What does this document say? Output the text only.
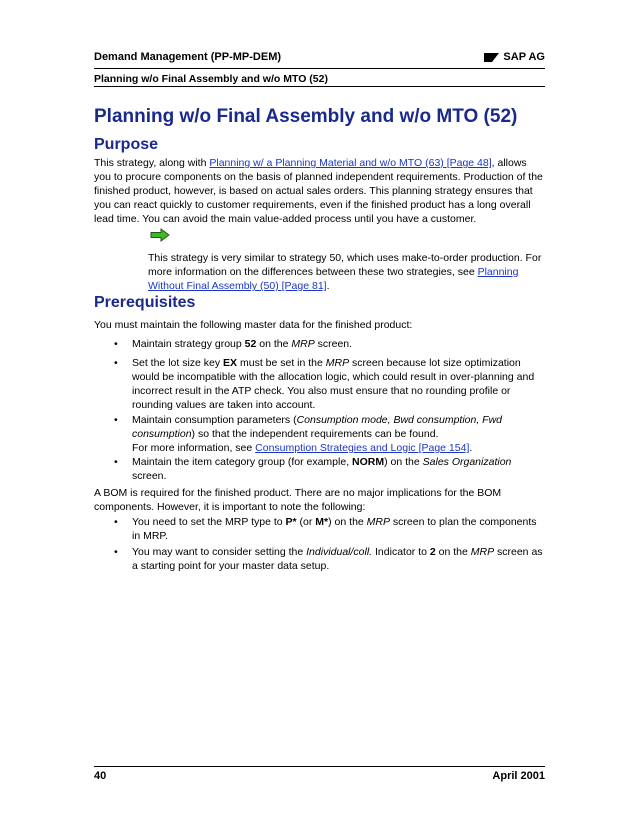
Demand Management (PP-MP-DEM)	SAP AG
Planning w/o Final Assembly and w/o MTO (52)
Planning w/o Final Assembly and w/o MTO (52)
Purpose

This strategy, along with Planning w/ a Planning Material and w/o MTO (63) [Page 48], allows you to procure components on the basis of planned independent requirements. Production of the finished product, however, is based on actual sales orders. This planning strategy ensures that you can react quickly to customer requirements, even if the finished product has a long overall lead time. You can avoid the main value-added process until you have a customer.

This strategy is very similar to strategy 50, which uses make-to-order production. For more information on the differences between these two strategies, see Planning Without Final Assembly (50) [Page 81].

Prerequisites

You must maintain the following master data for the finished product:

• Maintain strategy group 52 on the MRP screen.
• Set the lot size key EX must be set in the MRP screen because lot size optimization would be incompatible with the allocation logic, which could result in over-planning and incorrect result in the ATP check. You also must ensure that no rounding profile or rounding values are taken into account.
• Maintain consumption parameters (Consumption mode, Bwd consumption, Fwd consumption) so that the independent requirements can be found.
For more information, see Consumption Strategies and Logic [Page 154].
• Maintain the item category group (for example, NORM) on the Sales Organization screen.

A BOM is required for the finished product. There are no major implications for the BOM components. However, it is important to note the following:

• You need to set the MRP type to P* (or M*) on the MRP screen to plan the components in MRP.
• You may want to consider setting the Individual/coll. Indicator to 2 on the MRP screen as a starting point for your master data setup.
40	April 2001
